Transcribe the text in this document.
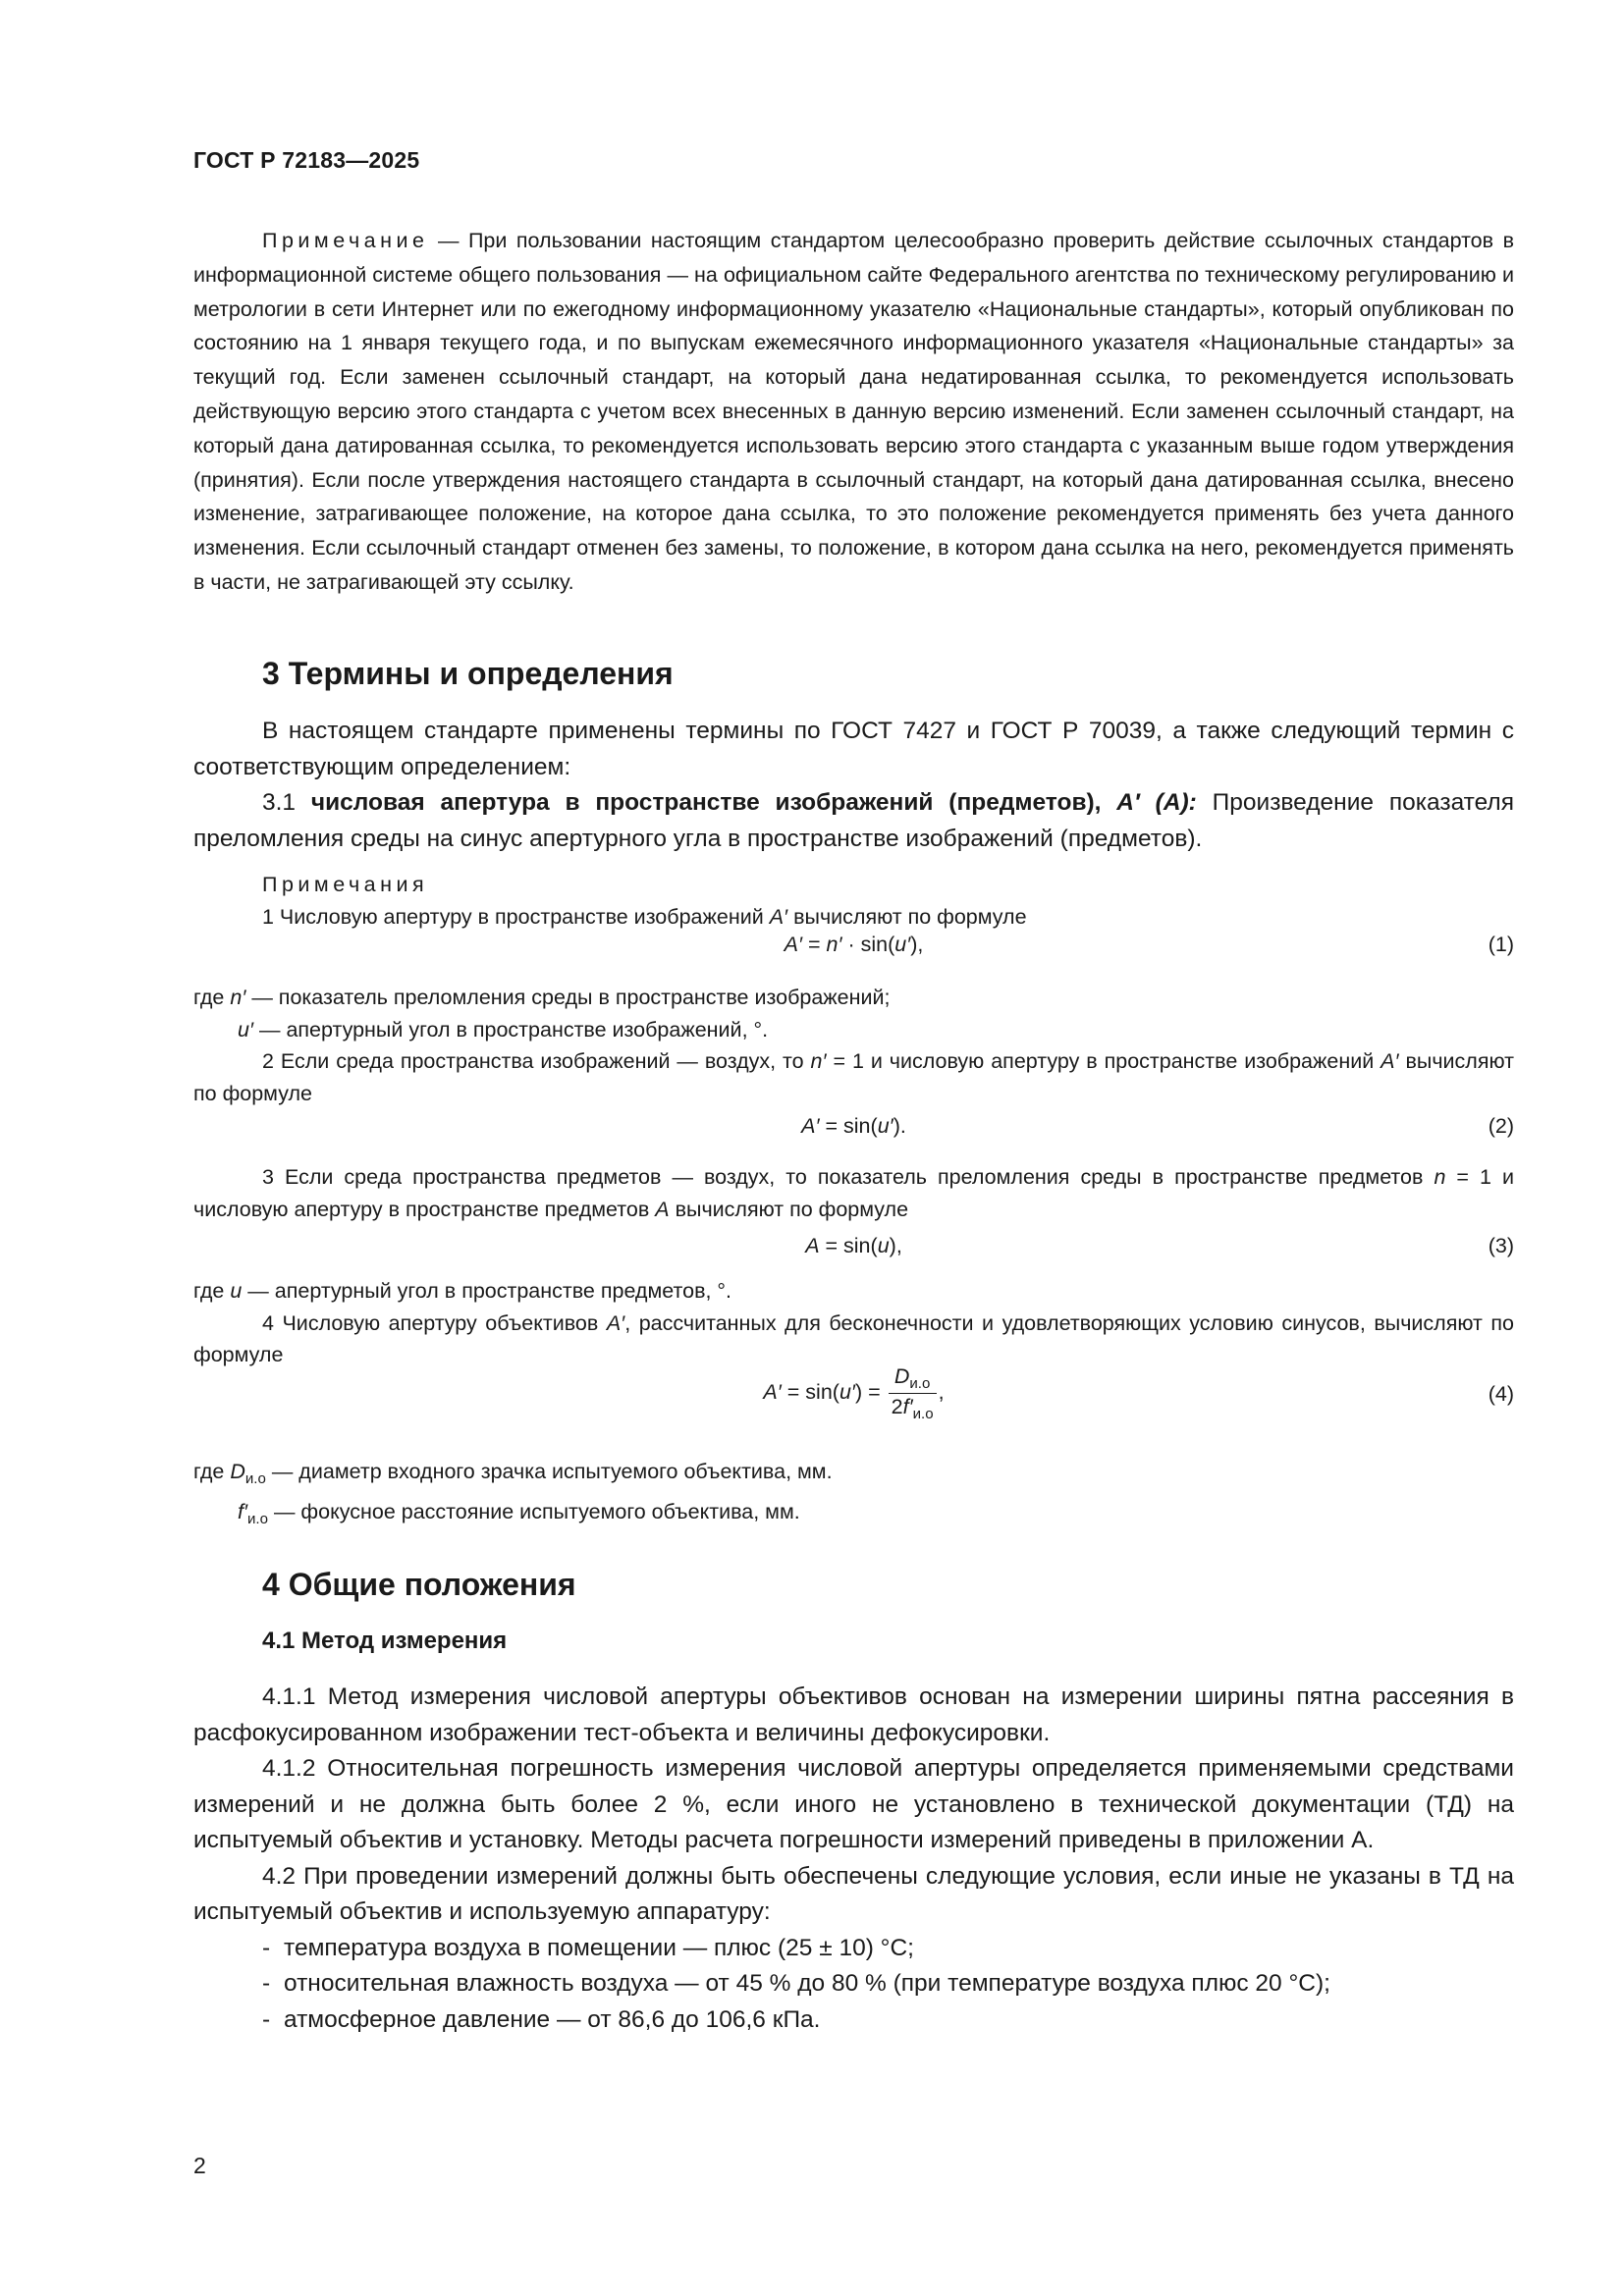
ГОСТ Р 72183—2025
Примечание — При пользовании настоящим стандартом целесообразно проверить действие ссылочных стандартов в информационной системе общего пользования — на официальном сайте Федерального агентства по техническому регулированию и метрологии в сети Интернет или по ежегодному информационному указателю «Национальные стандарты», который опубликован по состоянию на 1 января текущего года, и по выпускам ежемесячного информационного указателя «Национальные стандарты» за текущий год. Если заменен ссылочный стандарт, на который дана недатированная ссылка, то рекомендуется использовать действующую версию этого стандарта с учетом всех внесенных в данную версию изменений. Если заменен ссылочный стандарт, на который дана датированная ссылка, то рекомендуется использовать версию этого стандарта с указанным выше годом утверждения (принятия). Если после утверждения настоящего стандарта в ссылочный стандарт, на который дана датированная ссылка, внесено изменение, затрагивающее положение, на которое дана ссылка, то это положение рекомендуется применять без учета данного изменения. Если ссылочный стандарт отменен без замены, то положение, в котором дана ссылка на него, рекомендуется применять в части, не затрагивающей эту ссылку.
3 Термины и определения

В настоящем стандарте применены термины по ГОСТ 7427 и ГОСТ Р 70039, а также следующий термин с соответствующим определением:

3.1 числовая апертура в пространстве изображений (предметов), A′ (A): Произведение показателя преломления среды на синус апертурного угла в пространстве изображений (предметов).

Примечания

1 Числовую апертуру в пространстве изображений A′ вычисляют по формуле

A′ = n′ · sin(u′),	(1)

где n′ — показатель преломления среды в пространстве изображений;

u′ — апертурный угол в пространстве изображений, °.

2 Если среда пространства изображений — воздух, то n′ = 1 и числовую апертуру в пространстве изображений A′ вычисляют по формуле

A′ = sin(u′).	(2)

3 Если среда пространства предметов — воздух, то показатель преломления среды в пространстве предметов n = 1 и числовую апертуру в пространстве предметов A вычисляют по формуле

A = sin(u),	(3)

где u — апертурный угол в пространстве предметов, °.

4 Числовую апертуру объективов A′, рассчитанных для бесконечности и удовлетворяющих условию синусов, вычисляют по формуле

$A' = \sin(u') = \frac{D_{и.о}}{2f'_{и.о}}$ ,	(4)

где $D_{и.о}$ — диаметр входного зрачка испытуемого объектива, мм.

$f'_{и.о}$ — фокусное расстояние испытуемого объектива, мм.

4 Общие положения
4.1 Метод измерения

4.1.1 Метод измерения числовой апертуры объективов основан на измерении ширины пятна рассеяния в расфокусированном изображении тест-объекта и величины дефокусировки.

4.1.2 Относительная погрешность измерения числовой апертуры определяется применяемыми средствами измерений и не должна быть более 2 %, если иного не установлено в технической документации (ТД) на испытуемый объектив и установку. Методы расчета погрешности измерений приведены в приложении А.

4.2 При проведении измерений должны быть обеспечены следующие условия, если иные не указаны в ТД на испытуемый объектив и используемую аппаратуру:

- температура воздуха в помещении — плюс (25 ± 10) °С;
- относительная влажность воздуха — от 45 % до 80 % (при температуре воздуха плюс 20 °С);
- атмосферное давление — от 86,6 до 106,6 кПа.
2
